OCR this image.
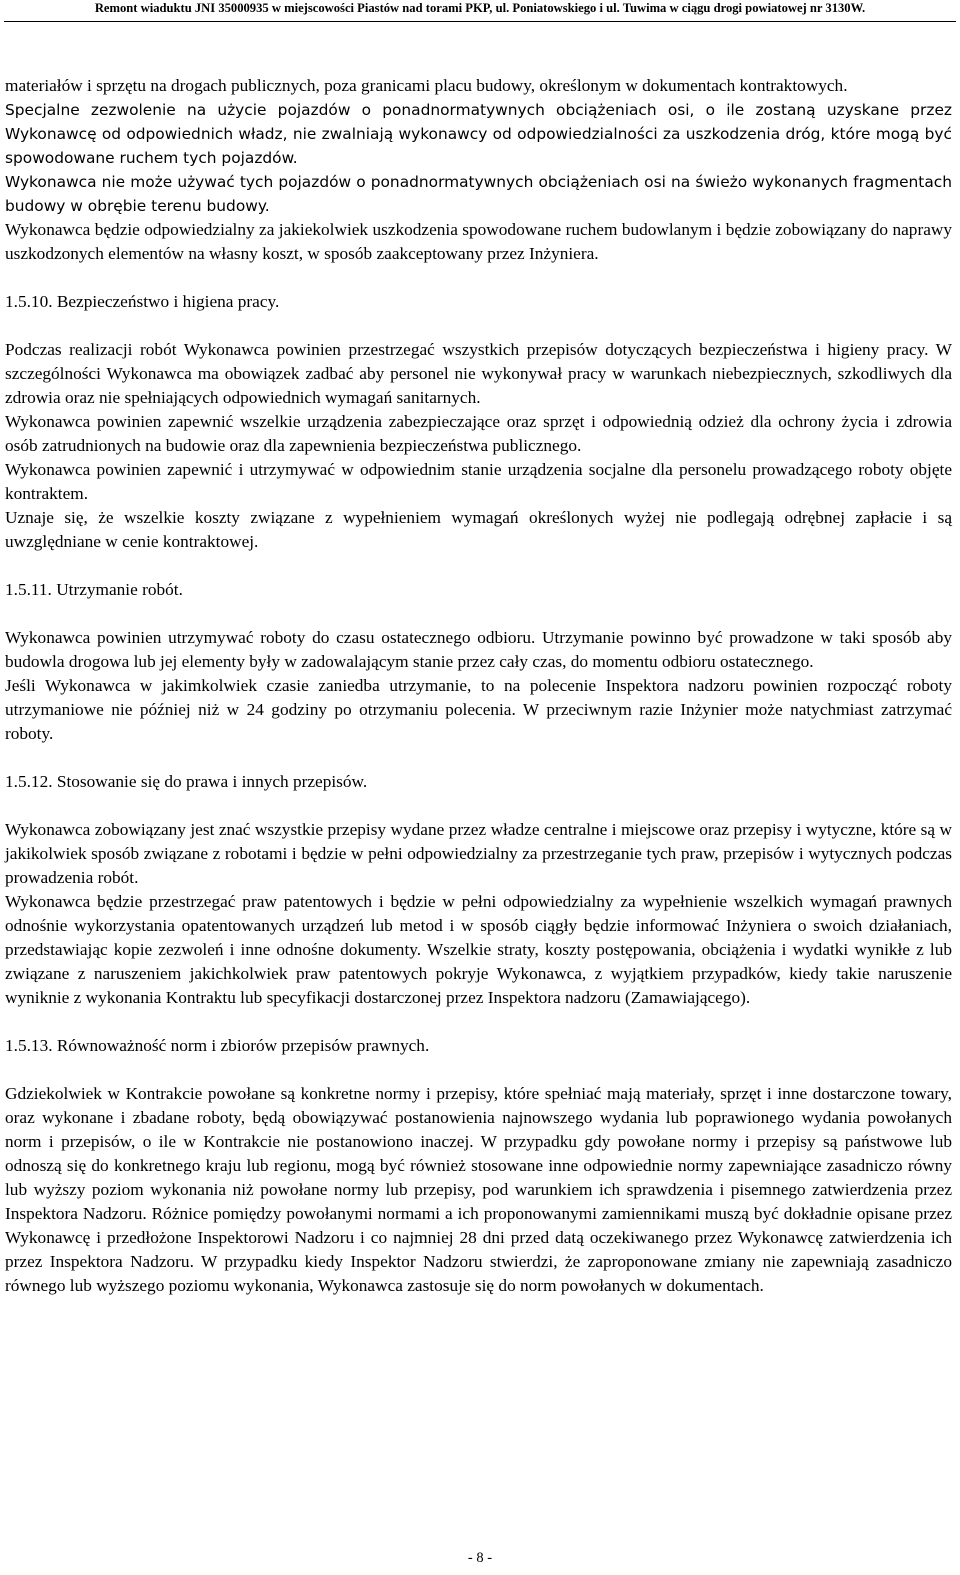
Remont wiaduktu JNI 35000935 w miejscowości Piastów nad torami PKP, ul. Poniatowskiego i ul. Tuwima w ciągu drogi powiatowej nr 3130W.

materiałów i sprzętu na drogach publicznych, poza granicami placu budowy, określonym w dokumentach kontraktowych.

Specjalne zezwolenie na użycie pojazdów o ponadnormatywnych obciążeniach osi, o ile zostaną uzyskane przez Wykonawcę od odpowiednich władz, nie zwalniają wykonawcy od odpowiedzialności za uszkodzenia dróg, które mogą być spowodowane ruchem tych pojazdów.

Wykonawca nie może używać tych pojazdów o ponadnormatywnych obciążeniach osi na świeżo wykonanych fragmentach budowy w obrębie terenu budowy.

Wykonawca będzie odpowiedzialny za jakiekolwiek uszkodzenia spowodowane ruchem budowlanym i będzie zobowiązany do naprawy uszkodzonych elementów na własny koszt, w sposób zaakceptowany przez Inżyniera.

1.5.10. Bezpieczeństwo i higiena pracy.

Podczas realizacji robót Wykonawca powinien przestrzegać wszystkich przepisów dotyczących bezpieczeństwa i higieny pracy. W szczególności Wykonawca ma obowiązek zadbać aby personel nie wykonywał pracy w warunkach niebezpiecznych, szkodliwych dla zdrowia oraz nie spełniających odpowiednich wymagań sanitarnych.

Wykonawca powinien zapewnić wszelkie urządzenia zabezpieczające oraz sprzęt i odpowiednią odzież dla ochrony życia i zdrowia osób zatrudnionych na budowie oraz dla zapewnienia bezpieczeństwa publicznego.

Wykonawca powinien zapewnić i utrzymywać w odpowiednim stanie urządzenia socjalne dla personelu prowadzącego roboty objęte kontraktem.

Uznaje się, że wszelkie koszty związane z wypełnieniem wymagań określonych wyżej nie podlegają odrębnej zapłacie i są uwzględniane w cenie kontraktowej.

1.5.11. Utrzymanie robót.

Wykonawca powinien utrzymywać roboty do czasu ostatecznego odbioru. Utrzymanie powinno być prowadzone w taki sposób aby budowla drogowa lub jej elementy były w zadowalającym stanie przez cały czas, do momentu odbioru ostatecznego.

Jeśli Wykonawca w jakimkolwiek czasie zaniedba utrzymanie, to na polecenie Inspektora nadzoru powinien rozpocząć roboty utrzymaniowe nie później niż w 24 godziny po otrzymaniu polecenia. W przeciwnym razie Inżynier może natychmiast zatrzymać roboty.

1.5.12. Stosowanie się do prawa i innych przepisów.

Wykonawca zobowiązany jest znać wszystkie przepisy wydane przez władze centralne i miejscowe oraz przepisy i wytyczne, które są w jakikolwiek sposób związane z robotami i będzie w pełni odpowiedzialny za przestrzeganie tych praw, przepisów i wytycznych podczas prowadzenia robót.

Wykonawca będzie przestrzegać praw patentowych i będzie w pełni odpowiedzialny za wypełnienie wszelkich wymagań prawnych odnośnie wykorzystania opatentowanych urządzeń lub metod i w sposób ciągły będzie informować Inżyniera o swoich działaniach, przedstawiając kopie zezwoleń i inne odnośne dokumenty. Wszelkie straty, koszty postępowania, obciążenia i wydatki wynikłe z lub związane z naruszeniem jakichkolwiek praw patentowych pokryje Wykonawca, z wyjątkiem przypadków, kiedy takie naruszenie wyniknie z wykonania Kontraktu lub specyfikacji dostarczonej przez Inspektora nadzoru (Zamawiającego).

1.5.13. Równoważność norm i zbiorów przepisów prawnych.

Gdziekolwiek w Kontrakcie powołane są konkretne normy i przepisy, które spełniać mają materiały, sprzęt i inne dostarczone towary, oraz wykonane i zbadane roboty, będą obowiązywać postanowienia najnowszego wydania lub poprawionego wydania powołanych norm i przepisów, o ile w Kontrakcie nie postanowiono inaczej. W przypadku gdy powołane normy i przepisy są państwowe lub odnoszą się do konkretnego kraju lub regionu, mogą być również stosowane inne odpowiednie normy zapewniające zasadniczo równy lub wyższy poziom wykonania niż powołane normy lub przepisy, pod warunkiem ich sprawdzenia i pisemnego zatwierdzenia przez Inspektora Nadzoru. Różnice pomiędzy powołanymi normami a ich proponowanymi zamiennikami muszą być dokładnie opisane przez Wykonawcę i przedłożone Inspektorowi Nadzoru i co najmniej 28 dni przed datą oczekiwanego przez Wykonawcę zatwierdzenia ich przez Inspektora Nadzoru. W przypadku kiedy Inspektor Nadzoru stwierdzi, że zaproponowane zmiany nie zapewniają zasadniczo równego lub wyższego poziomu wykonania, Wykonawca zastosuje się do norm powołanych w dokumentach.

- 8 -
